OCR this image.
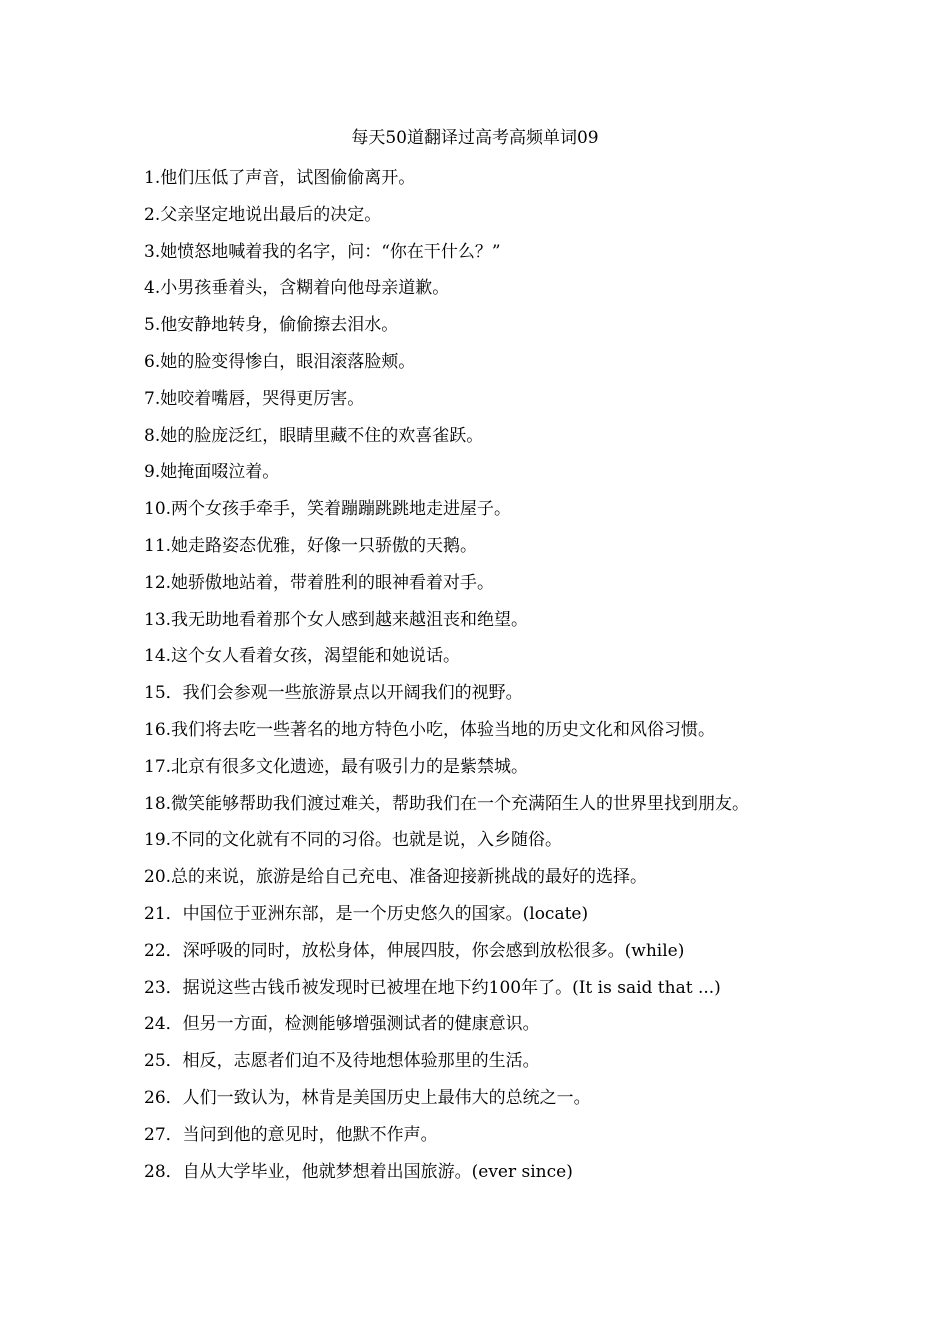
每天50道翻译过高考高频单词09
1.他们压低了声音，试图偷偷离开。
2.父亲坚定地说出最后的决定。
3.她愤怒地喊着我的名字，问：“你在干什么？”
4.小男孩垂着头，含糊着向他母亲道歉。
5.他安静地转身，偷偷擦去泪水。
6.她的脸变得惨白，眼泪滚落脸颊。
7.她咬着嘴唇，哭得更厉害。
8.她的脸庞泛红，眼睛里藏不住的欢喜雀跃。
9.她掩面啜泣着。
10.两个女孩手牵手，笑着蹦蹦跳跳地走进屋子。
11.她走路姿态优雅，好像一只骄傲的天鹅。
12.她骄傲地站着，带着胜利的眼神看着对手。
13.我无助地看着那个女人感到越来越沮丧和绝望。
14.这个女人看着女孩，渴望能和她说话。
15．我们会参观一些旅游景点以开阔我们的视野。
16.我们将去吃一些著名的地方特色小吃，体验当地的历史文化和风俗习惯。
17.北京有很多文化遗迹，最有吸引力的是紫禁城。
18.微笑能够帮助我们渡过难关，帮助我们在一个充满陌生人的世界里找到朋友。
19.不同的文化就有不同的习俗。也就是说，入乡随俗。
20.总的来说，旅游是给自己充电、准备迎接新挑战的最好的选择。
21．中国位于亚洲东部，是一个历史悠久的国家。(locate)
22．深呼吸的同时，放松身体，伸展四肢，你会感到放松很多。(while)
23．据说这些古钱币被发现时已被埋在地下约100年了。(It is said that ...)
24．但另一方面，检测能够增强测试者的健康意识。
25．相反，志愿者们迫不及待地想体验那里的生活。
26．人们一致认为，林肯是美国历史上最伟大的总统之一。
27．当问到他的意见时，他默不作声。
28．自从大学毕业，他就梦想着出国旅游。(ever since)
